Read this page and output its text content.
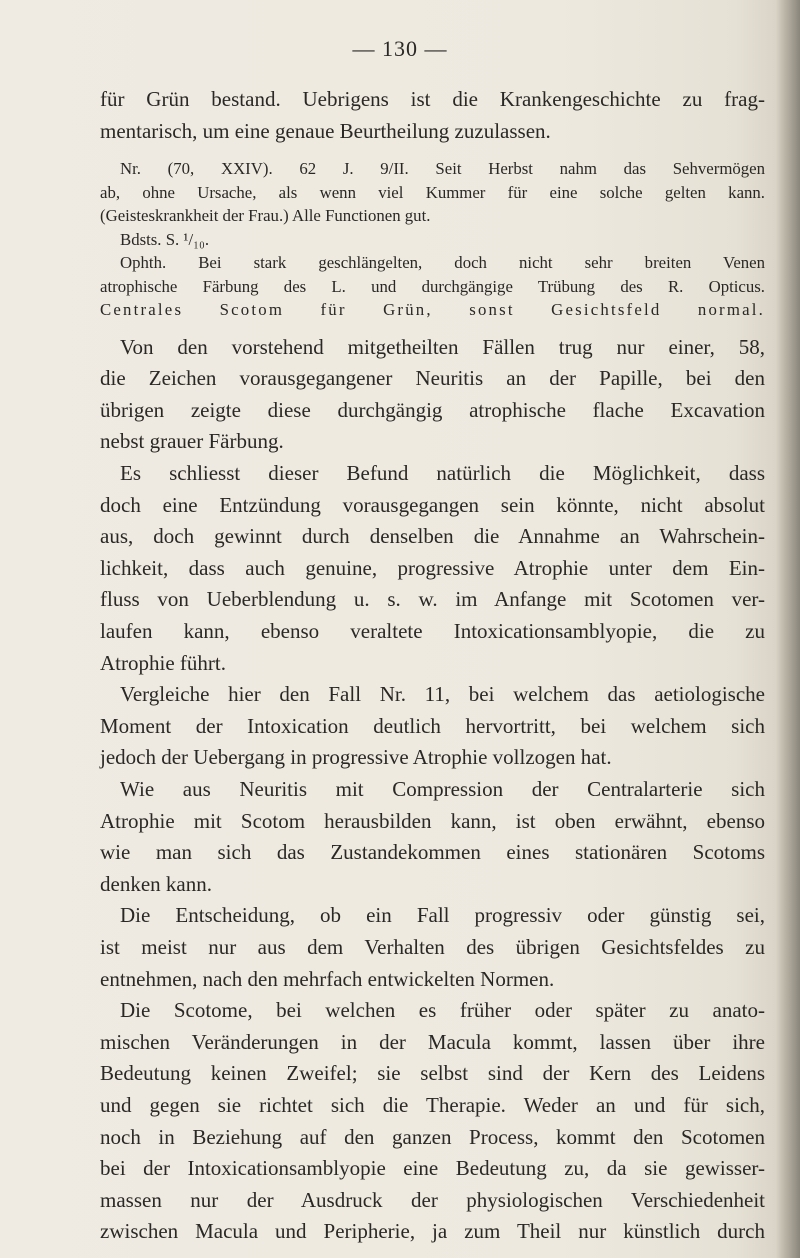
— 130 —

für Grün bestand. Uebrigens ist die Krankengeschichte zu frag-
mentarisch, um eine genaue Beurtheilung zuzulassen.

Nr. (70, XXIV). 62 J. 9/II. Seit Herbst nahm das Sehvermögen
ab, ohne Ursache, als wenn viel Kummer für eine solche gelten kann.
(Geisteskrankheit der Frau.) Alle Functionen gut.
Bdsts. S. ¹/₁₀.
Ophth. Bei stark geschlängelten, doch nicht sehr breiten Venen
atrophische Färbung des L. und durchgängige Trübung des R. Opticus.
Centrales Scotom für Grün, sonst Gesichtsfeld normal.

Von den vorstehend mitgetheilten Fällen trug nur einer, 58,
die Zeichen vorausgegangener Neuritis an der Papille, bei den
übrigen zeigte diese durchgängig atrophische flache Excavation
nebst grauer Färbung.

Es schliesst dieser Befund natürlich die Möglichkeit, dass
doch eine Entzündung vorausgegangen sein könnte, nicht absolut
aus, doch gewinnt durch denselben die Annahme an Wahrschein-
lichkeit, dass auch genuine, progressive Atrophie unter dem Ein-
fluss von Ueberblendung u. s. w. im Anfange mit Scotomen ver-
laufen kann, ebenso veraltete Intoxicationsamblyopie, die zu
Atrophie führt.

Vergleiche hier den Fall Nr. 11, bei welchem das aetiologische
Moment der Intoxication deutlich hervortritt, bei welchem sich
jedoch der Uebergang in progressive Atrophie vollzogen hat.

Wie aus Neuritis mit Compression der Centralarterie sich
Atrophie mit Scotom herausbilden kann, ist oben erwähnt, ebenso
wie man sich das Zustandekommen eines stationären Scotoms
denken kann.

Die Entscheidung, ob ein Fall progressiv oder günstig sei,
ist meist nur aus dem Verhalten des übrigen Gesichtsfeldes zu
entnehmen, nach den mehrfach entwickelten Normen.

Die Scotome, bei welchen es früher oder später zu anato-
mischen Veränderungen in der Macula kommt, lassen über ihre
Bedeutung keinen Zweifel; sie selbst sind der Kern des Leidens
und gegen sie richtet sich die Therapie. Weder an und für sich,
noch in Beziehung auf den ganzen Process, kommt den Scotomen
bei der Intoxicationsamblyopie eine Bedeutung zu, da sie gewisser-
massen nur der Ausdruck der physiologischen Verschiedenheit
zwischen Macula und Peripherie, ja zum Theil nur künstlich durch
